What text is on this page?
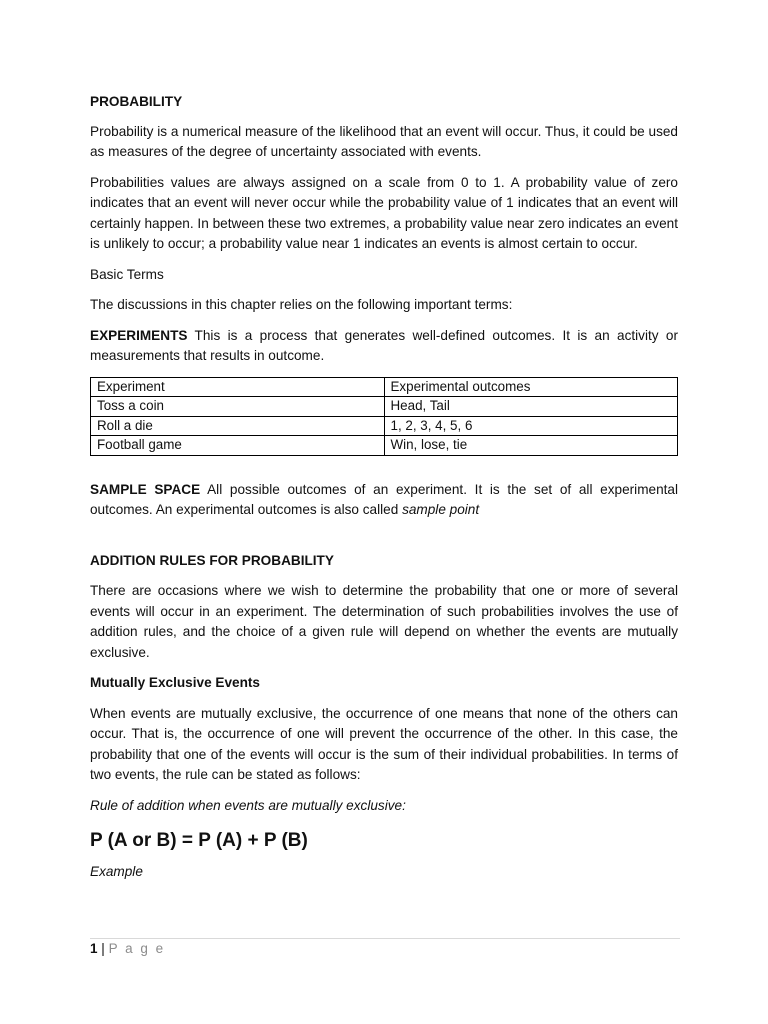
PROBABILITY

Probability is a numerical measure of the likelihood that an event will occur. Thus, it could be used as measures of the degree of uncertainty associated with events.

Probabilities values are always assigned on a scale from 0 to 1. A probability value of zero indicates that an event will never occur while the probability value of 1 indicates that an event will certainly happen. In between these two extremes, a probability value near zero indicates an event is unlikely to occur; a probability value near 1 indicates an events is almost certain to occur.

Basic Terms

The discussions in this chapter relies on the following important terms:

EXPERIMENTS This is a process that generates well-defined outcomes. It is an activity or measurements that results in outcome.

Experiment	Experimental outcomes
Toss a coin	Head, Tail
Roll a die	1, 2, 3, 4, 5, 6
Football game	Win, lose, tie

SAMPLE SPACE All possible outcomes of an experiment. It is the set of all experimental outcomes. An experimental outcomes is also called sample point

ADDITION RULES FOR PROBABILITY

There are occasions where we wish to determine the probability that one or more of several events will occur in an experiment. The determination of such probabilities involves the use of addition rules, and the choice of a given rule will depend on whether the events are mutually exclusive.

Mutually Exclusive Events

When events are mutually exclusive, the occurrence of one means that none of the others can occur. That is, the occurrence of one will prevent the occurrence of the other. In this case, the probability that one of the events will occur is the sum of their individual probabilities. In terms of two events, the rule can be stated as follows:

Rule of addition when events are mutually exclusive:

P (A or B) = P (A) + P (B)

Example

1 | P a g e
